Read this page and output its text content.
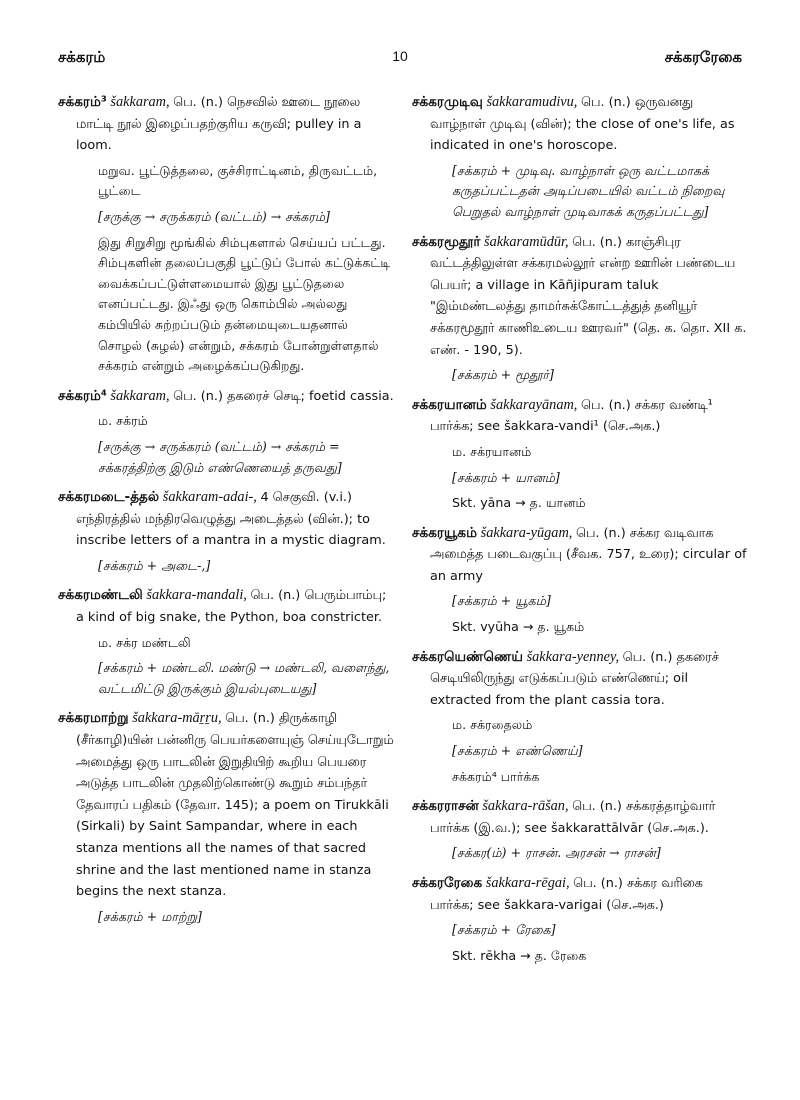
சக்கரம்	10	சக்கரரேகை
சக்கரம்³ šakkaram, பெ. (n.) நெசவில் ஊடை நூலை மாட்டி நூல் இழைப்பதற்குரிய கருவி; pulley in a loom.

மறுவ. பூட்டுத்தலை, குச்சிராட்டினம், திருவட்டம், பூட்டை

[சருக்கு → சருக்கரம் (வட்டம்) → சக்கரம்]

இது சிறுசிறு மூங்கில் சிம்புகளால் செய்யப் பட்டது. சிம்புகளின் தலைப்பகுதி பூட்டுப் போல் கட்டுக்கட்டி வைக்கப்பட்டுள்ளமையால் இது பூட்டுதலை எனப்பட்டது. இஃது ஒரு கொம்பில் அல்லது கம்பியில் சுற்றப்படும் தன்மையுடையதனால் சொழல் (சுழல்) என்றும், சக்கரம் போன்றுள்ளதால் சக்கரம் என்றும் அழைக்கப்படுகிறது.

சக்கரம்⁴ šakkaram, பெ. (n.) தகரைச் செடி; foetid cassia.

ம. சக்ரம்

[சருக்கு → சருக்கரம் (வட்டம்) → சக்கரம் = சக்கரத்திற்கு இடும் எண்ணெயைத் தருவது]

சக்கரமடை-த்தல் šakkaram-adai-, 4 செகுவி. (v.i.) எந்திரத்தில் மந்திரவெழுத்து அடைத்தல் (வின்.); to inscribe letters of a mantra in a mystic diagram.

[சக்கரம் + அடை-,]

சக்கரமண்டலி šakkara-mandali, பெ. (n.) பெரும்பாம்பு; a kind of big snake, the Python, boa constricter.

ம. சக்ர மண்டலி

[சக்கரம் + மண்டலி. மண்டு → மண்டலி, வளைந்து, வட்டமிட்டு இருக்கும் இயல்புடையது]

சக்கரமாற்று šakkara-māṟṟu, பெ. (n.) திருக்காழி (சீர்காழி)யின் பன்னிரு பெயர்களையுஞ் செய்யுடோறும் அமைத்து ஒரு பாடலின் இறுதியிற் கூறிய பெயரை அடுத்த பாடலின் முதலிற்கொண்டு கூறும் சம்பந்தர் தேவாரப் பதிகம் (தேவா. 145); a poem on Tirukkāli (Sirkali) by Saint Sampandar, where in each stanza mentions all the names of that sacred shrine and the last mentioned name in stanza begins the next stanza.

[சக்கரம் + மாற்று]

சக்கரமுடிவு šakkaramudivu, பெ. (n.) ஒருவனது வாழ்நாள் முடிவு (வின்); the close of one's life, as indicated in one's horoscope.

[சக்கரம் + முடிவு. வாழ்நாள் ஒரு வட்டமாகக் கருதப்பட்டதன் அடிப்படையில் வட்டம் நிறைவு பெறுதல் வாழ்நாள் முடிவாகக் கருதப்பட்டது]

சக்கரமூதூர் šakkaramūdūr, பெ. (n.) காஞ்சிபுர வட்டத்திலுள்ள சக்கரமல்லூர் என்ற ஊரின் பண்டைய பெயர்; a village in Kāñjipuram taluk "இம்மண்டலத்து தாமர்சுக்கோட்டத்துத் தனியூர் சக்கரமூதூர் காணிஉடைய ஊரவர்" (தெ. க. தொ. XII க. எண். - 190, 5).

[சக்கரம் + மூதூர்]

சக்கரயானம் šakkarayānam, பெ. (n.) சக்கர வண்டி¹ பார்க்க; see šakkara-vandi¹ (செ.அக.)

ம. சக்ரயானம்

[சக்கரம் + யானம்]

Skt. yāna → த. யானம்

சக்கரயூகம் šakkara-yūgam, பெ. (n.) சக்கர வடிவாக அமைத்த படைவகுப்பு (சீவக. 757, உரை); circular of an army

[சக்கரம் + யூகம்]

Skt. vyūha → த. யூகம்

சக்கரயெண்ணெய் šakkara-yenney, பெ. (n.) தகரைச் செடியிலிருந்து எடுக்கப்படும் எண்ணெய்; oil extracted from the plant cassia tora.

ம. சக்ரதைலம்

[சக்கரம் + எண்ணெய்]

சக்கரம்⁴ பார்க்க

சக்கரராசன் šakkara-rāšan, பெ. (n.) சக்கரத்தாழ்வார் பார்க்க (இ.வ.); see šakkarattālvār (செ.அக.).

[சக்கர(ம்) + ராசன். அரசன் → ராசன்]

சக்கரரேகை šakkara-rēgai, பெ. (n.) சக்கர வரிகை பார்க்க; see šakkara-varigai (செ.அக.)

[சக்கரம் + ரேகை]

Skt. rēkha → த. ரேகை
